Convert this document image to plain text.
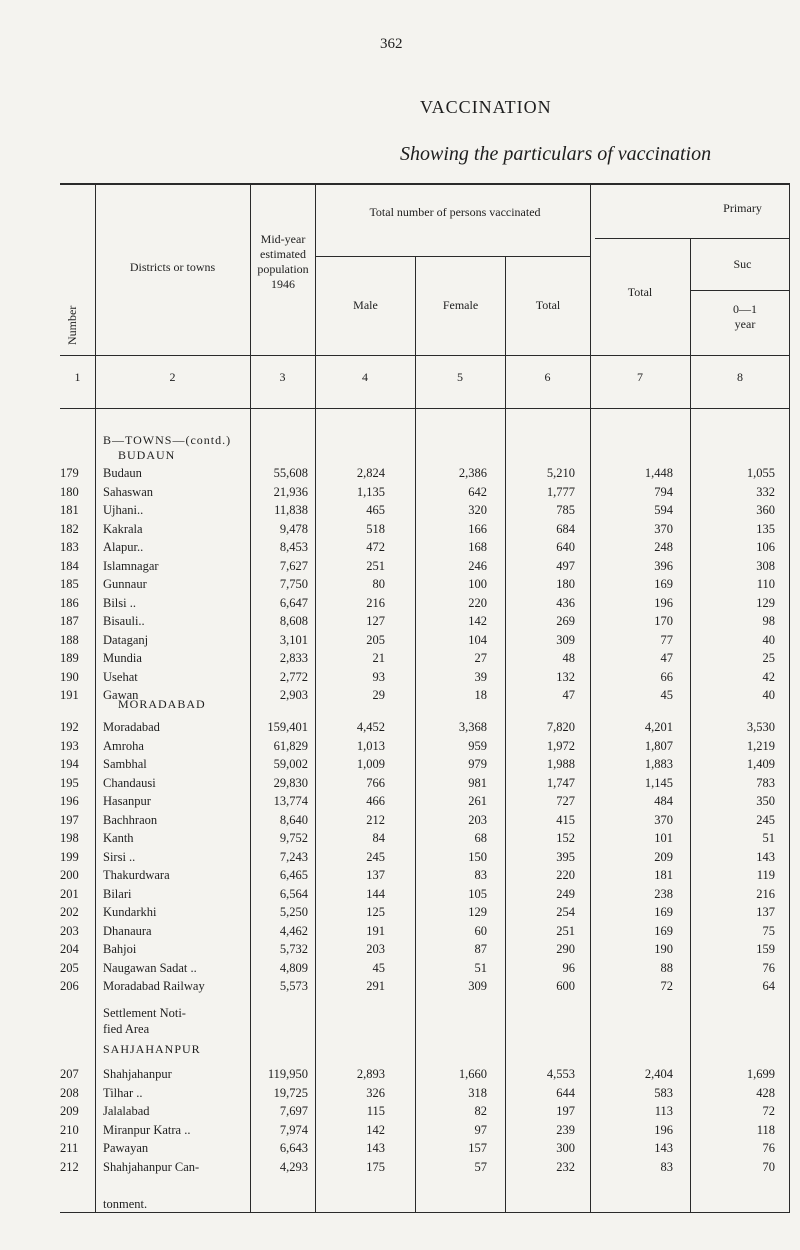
362
VACCINATION
Showing the particulars of vaccination
Number
Districts or towns
Mid-year estimated population 1946
Total number of persons vaccinated
Male	Female	Total
Primary
Total
Suc
0—1 year
1	2	3	4	5	6	7	8
B—TOWNS—(contd.)
BUDAUN
MORADABAD
SAHJAHANPUR
Settlement Noti-
fied Area
tonment.
179	Budaun	55,608	2,824	2,386	5,210	1,448	1,055
180	Sahaswan	21,936	1,135	642	1,777	794	332
181	Ujhani..	11,838	465	320	785	594	360
182	Kakrala	9,478	518	166	684	370	135
183	Alapur..	8,453	472	168	640	248	106
184	Islamnagar	7,627	251	246	497	396	308
185	Gunnaur	7,750	80	100	180	169	110
186	Bilsi ..	6,647	216	220	436	196	129
187	Bisauli..	8,608	127	142	269	170	98
188	Dataganj	3,101	205	104	309	77	40
189	Mundia	2,833	21	27	48	47	25
190	Usehat	2,772	93	39	132	66	42
191	Gawan	2,903	29	18	47	45	40
192	Moradabad	159,401	4,452	3,368	7,820	4,201	3,530
193	Amroha	61,829	1,013	959	1,972	1,807	1,219
194	Sambhal	59,002	1,009	979	1,988	1,883	1,409
195	Chandausi	29,830	766	981	1,747	1,145	783
196	Hasanpur	13,774	466	261	727	484	350
197	Bachhraon	8,640	212	203	415	370	245
198	Kanth	9,752	84	68	152	101	51
199	Sirsi ..	7,243	245	150	395	209	143
200	Thakurdwara	6,465	137	83	220	181	119
201	Bilari	6,564	144	105	249	238	216
202	Kundarkhi	5,250	125	129	254	169	137
203	Dhanaura	4,462	191	60	251	169	75
204	Bahjoi	5,732	203	87	290	190	159
205	Naugawan Sadat ..	4,809	45	51	96	88	76
206	Moradabad Railway	5,573	291	309	600	72	64
207	Shahjahanpur	119,950	2,893	1,660	4,553	2,404	1,699
208	Tilhar ..	19,725	326	318	644	583	428
209	Jalalabad	7,697	115	82	197	113	72
210	Miranpur Katra ..	7,974	142	97	239	196	118
211	Pawayan	6,643	143	157	300	143	76
212	Shahjahanpur Can-	4,293	175	57	232	83	70
